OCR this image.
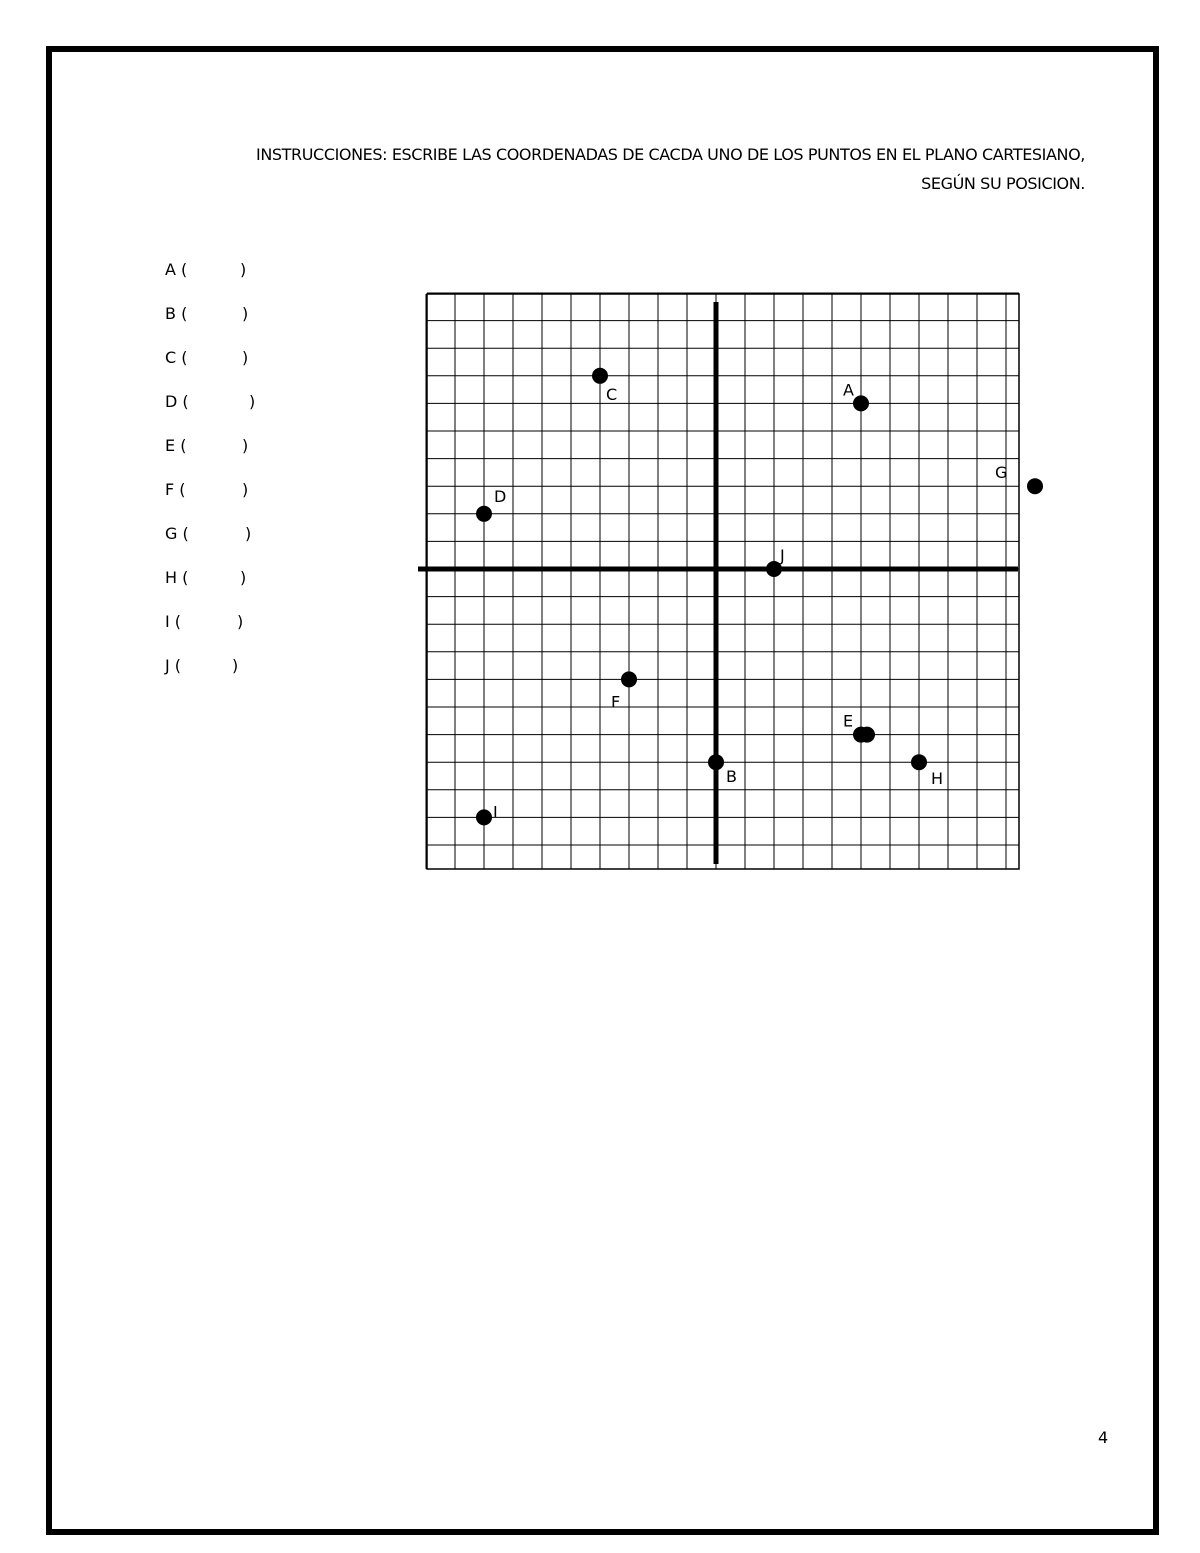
INSTRUCCIONES: ESCRIBE LAS COORDENADAS DE CACDA UNO DE LOS PUNTOS EN EL PLANO CARTESIANO,
SEGÚN SU POSICION.
A (	)
B (	)
C (	)
D (	)
E (	)
F (	)
G (	)
H (	)
I (	)
J (	)
A
B
C
D
E
F
G
H
I
J
4
